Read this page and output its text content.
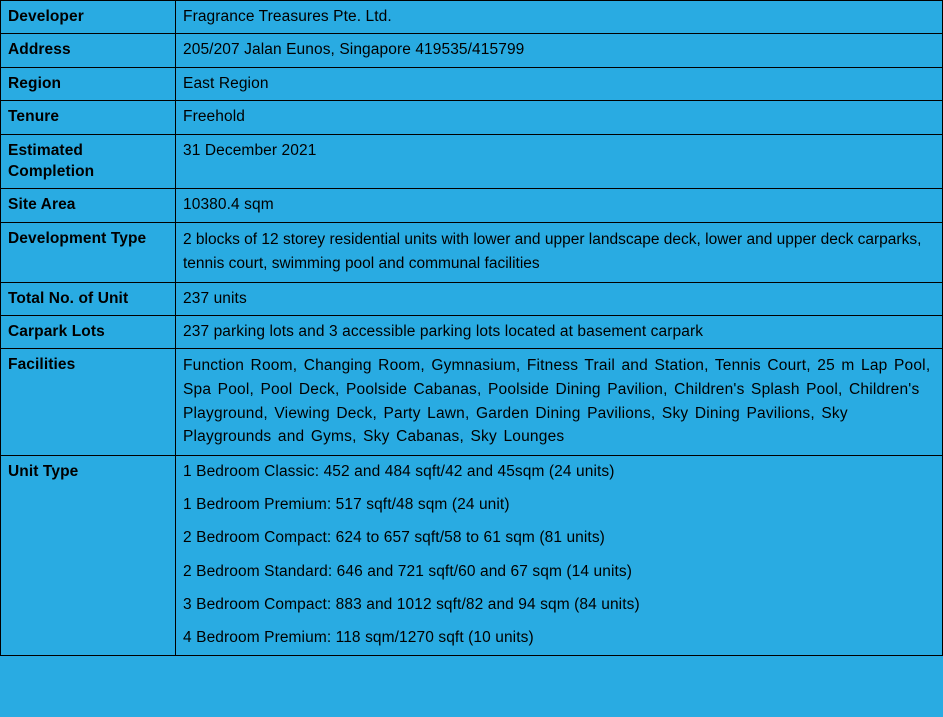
Developer	Fragrance Treasures Pte. Ltd.

Address	205/207 Jalan Eunos, Singapore 419535/415799

Region	East Region

Tenure	Freehold

Estimated Completion	31 December 2021

Site Area	10380.4 sqm

Development Type	2 blocks of 12 storey residential units with lower and upper landscape deck, lower and upper deck carparks, tennis court, swimming pool and communal facilities

Total No. of Unit	237 units

Carpark Lots	237 parking lots and 3 accessible parking lots located at basement carpark

Facilities	Function Room, Changing Room, Gymnasium, Fitness Trail and Station, Tennis Court, 25 m Lap Pool, Spa Pool, Pool Deck, Poolside Cabanas, Poolside Dining Pavilion, Children's Splash Pool, Children's Playground, Viewing Deck, Party Lawn, Garden Dining Pavilions, Sky Dining Pavilions, Sky Playgrounds and Gyms, Sky Cabanas, Sky Lounges

Unit Type	1 Bedroom Classic: 452 and 484 sqft/42 and 45sqm (24 units)

1 Bedroom Premium: 517 sqft/48 sqm (24 unit)

2 Bedroom Compact: 624 to 657 sqft/58 to 61 sqm (81 units)

2 Bedroom Standard: 646 and 721 sqft/60 and 67 sqm (14 units)

3 Bedroom Compact: 883 and 1012 sqft/82 and 94 sqm (84 units)

4 Bedroom Premium: 118 sqm/1270 sqft (10 units)
